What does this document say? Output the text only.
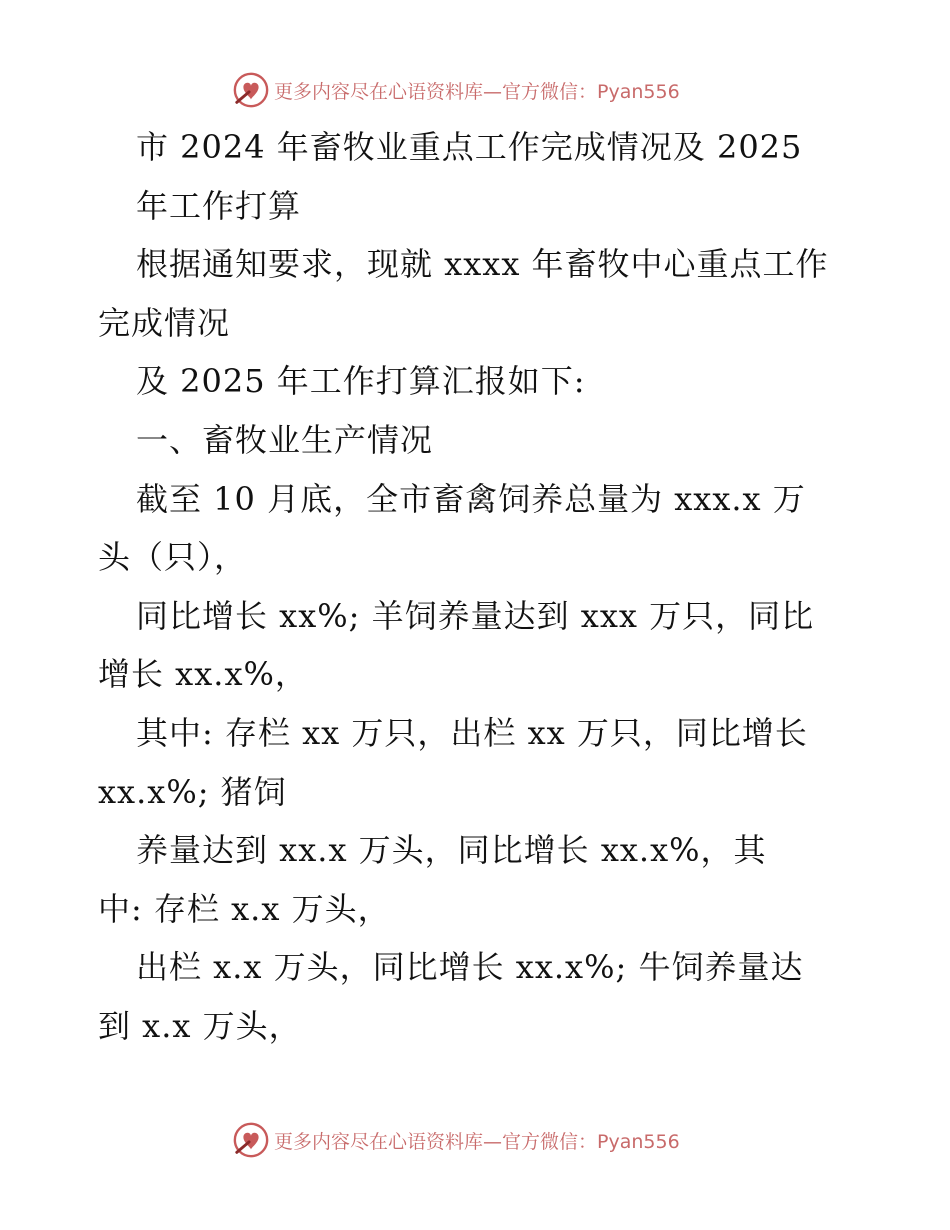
更多内容尽在心语资料库—官方微信：Pyan556
市 2024 年畜牧业重点工作完成情况及 2025
年工作打算
根据通知要求，现就 xxxx 年畜牧中心重点工作
完成情况
及 2025 年工作打算汇报如下:
一、畜牧业生产情况
截至 10 月底，全市畜禽饲养总量为 xxx.x 万
头（只），
同比增长 xx%; 羊饲养量达到 xxx 万只，同比
增长 xx.x%，
其中: 存栏 xx 万只，出栏 xx 万只，同比增长
xx.x%; 猪饲
养量达到 xx.x 万头，同比增长 xx.x%，其
中: 存栏 x.x 万头，
出栏 x.x 万头，同比增长 xx.x%; 牛饲养量达
到 x.x 万头，
更多内容尽在心语资料库—官方微信：Pyan556
